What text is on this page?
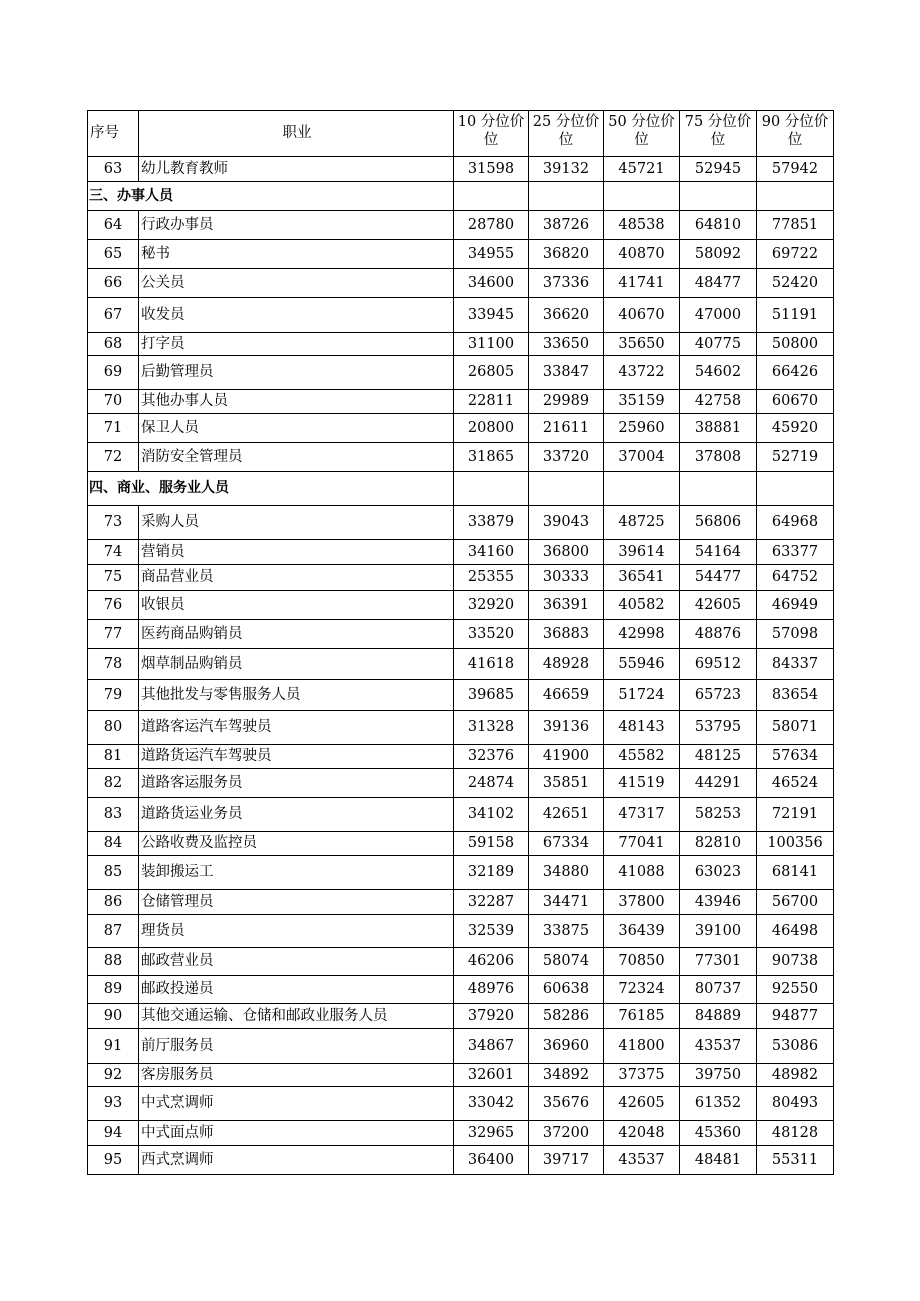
序号	职业	10 分位价位	25 分位价位	50 分位价位	75 分位价位	90 分位价位
63	幼儿教育教师	31598	39132	45721	52945	57942
三、办事人员						
64	行政办事员	28780	38726	48538	64810	77851
65	秘书	34955	36820	40870	58092	69722
66	公关员	34600	37336	41741	48477	52420
67	收发员	33945	36620	40670	47000	51191
68	打字员	31100	33650	35650	40775	50800
69	后勤管理员	26805	33847	43722	54602	66426
70	其他办事人员	22811	29989	35159	42758	60670
71	保卫人员	20800	21611	25960	38881	45920
72	消防安全管理员	31865	33720	37004	37808	52719
四、商业、服务业人员						
73	采购人员	33879	39043	48725	56806	64968
74	营销员	34160	36800	39614	54164	63377
75	商品营业员	25355	30333	36541	54477	64752
76	收银员	32920	36391	40582	42605	46949
77	医药商品购销员	33520	36883	42998	48876	57098
78	烟草制品购销员	41618	48928	55946	69512	84337
79	其他批发与零售服务人员	39685	46659	51724	65723	83654
80	道路客运汽车驾驶员	31328	39136	48143	53795	58071
81	道路货运汽车驾驶员	32376	41900	45582	48125	57634
82	道路客运服务员	24874	35851	41519	44291	46524
83	道路货运业务员	34102	42651	47317	58253	72191
84	公路收费及监控员	59158	67334	77041	82810	100356
85	装卸搬运工	32189	34880	41088	63023	68141
86	仓储管理员	32287	34471	37800	43946	56700
87	理货员	32539	33875	36439	39100	46498
88	邮政营业员	46206	58074	70850	77301	90738
89	邮政投递员	48976	60638	72324	80737	92550
90	其他交通运输、仓储和邮政业服务人员	37920	58286	76185	84889	94877
91	前厅服务员	34867	36960	41800	43537	53086
92	客房服务员	32601	34892	37375	39750	48982
93	中式烹调师	33042	35676	42605	61352	80493
94	中式面点师	32965	37200	42048	45360	48128
95	西式烹调师	36400	39717	43537	48481	55311
